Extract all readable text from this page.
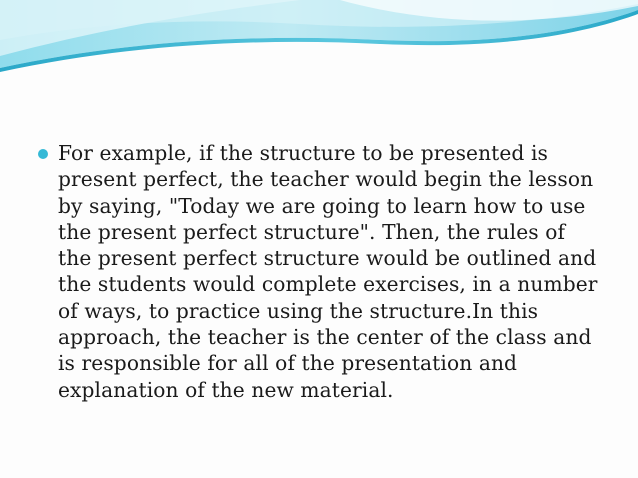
For example, if the structure to be presented is present perfect, the teacher would begin the lesson by saying, "Today we are going to learn how to use the present perfect structure". Then, the rules of the present perfect structure would be outlined and the students would complete exercises, in a number of ways, to practice using the structure.In this approach, the teacher is the center of the class and is responsible for all of the presentation and explanation of the new material.
